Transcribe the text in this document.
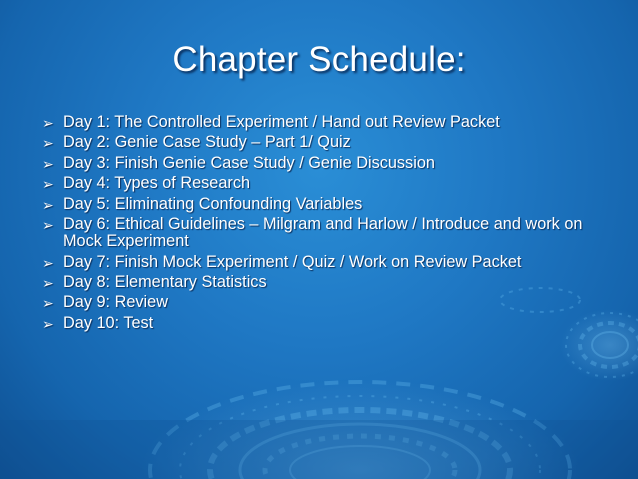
Chapter Schedule:
➢ Day 1: The Controlled Experiment / Hand out Review Packet
➢ Day 2: Genie Case Study – Part 1/ Quiz
➢ Day 3: Finish Genie Case Study / Genie Discussion
➢ Day 4: Types of Research
➢ Day 5: Eliminating Confounding Variables
➢ Day 6: Ethical Guidelines – Milgram and Harlow / Introduce and work on Mock Experiment
➢ Day 7: Finish Mock Experiment / Quiz / Work on Review Packet
➢ Day 8: Elementary Statistics
➢ Day 9: Review
➢ Day 10: Test
